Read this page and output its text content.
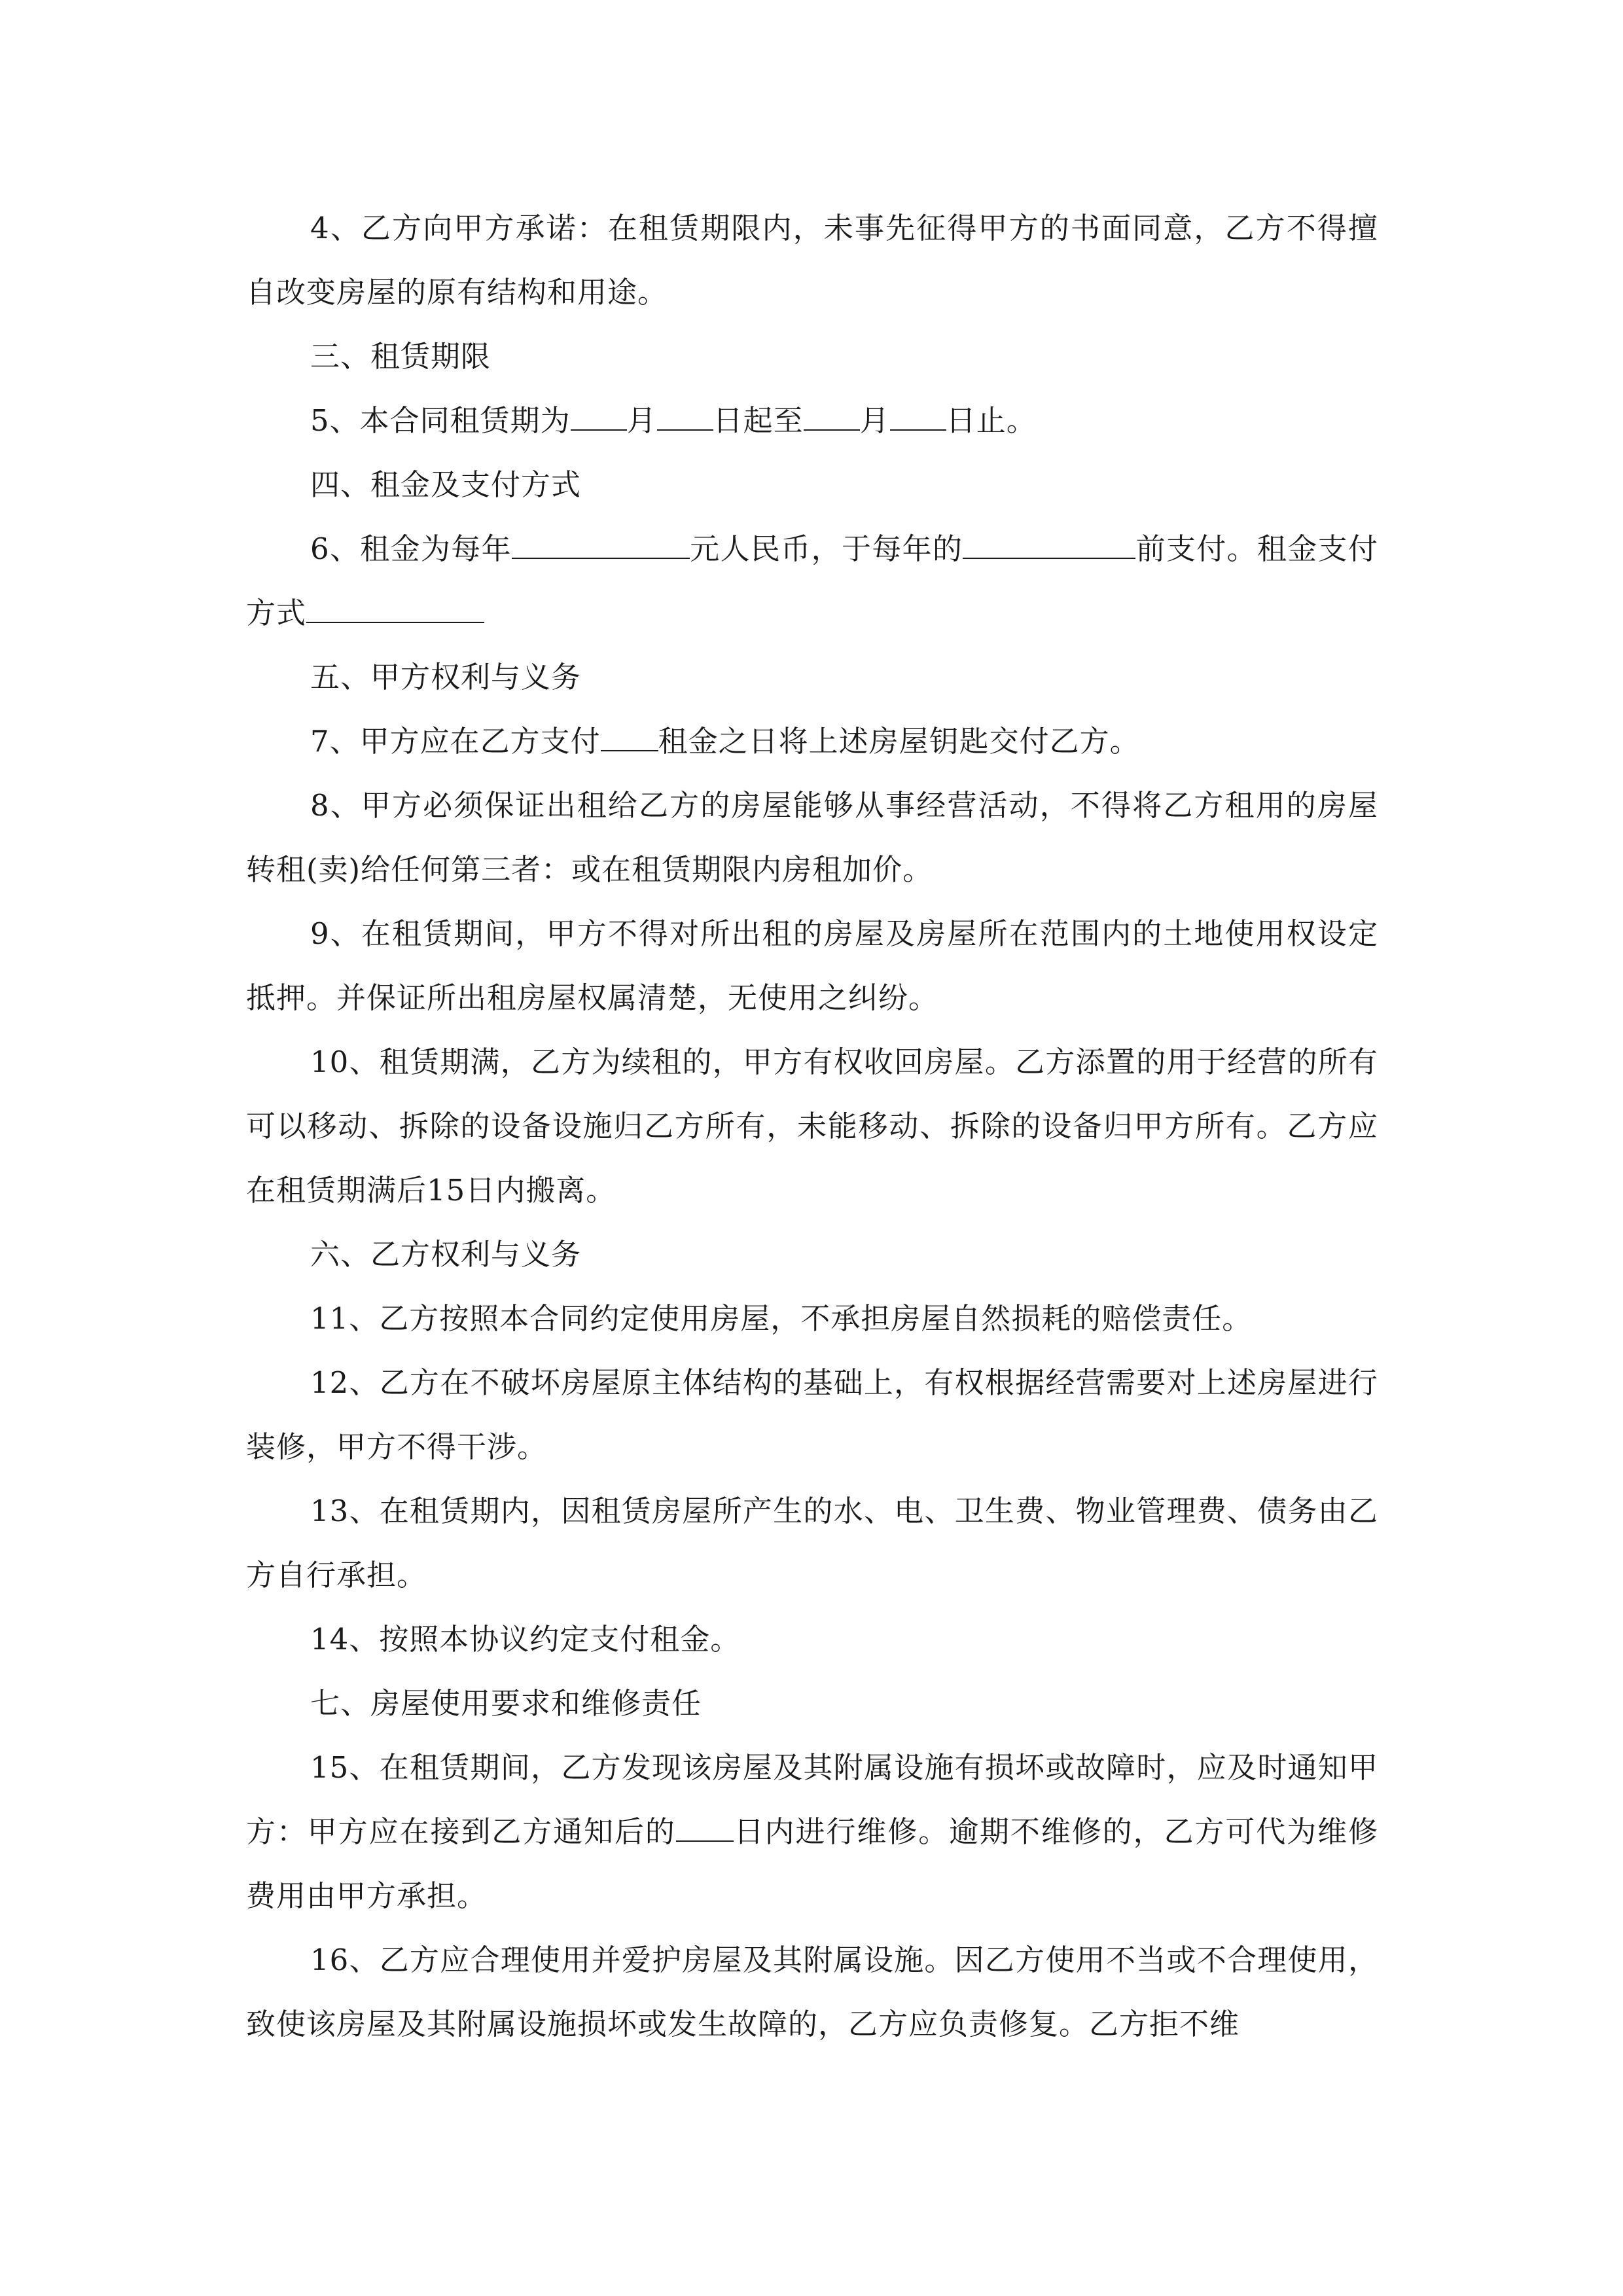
4、乙方向甲方承诺：在租赁期限内，未事先征得甲方的书面同意，乙方不得擅自改变房屋的原有结构和用途。

三、租赁期限

5、本合同租赁期为 月 日起至 月 日止。

四、租金及支付方式

6、租金为每年	元人民币，于每年的	前支付。租金支付方式

五、甲方权利与义务

7、甲方应在乙方支付 租金之日将上述房屋钥匙交付乙方。

8、甲方必须保证出租给乙方的房屋能够从事经营活动，不得将乙方租用的房屋转租(卖)给任何第三者：或在租赁期限内房租加价。

9、在租赁期间，甲方不得对所出租的房屋及房屋所在范围内的土地使用权设定抵押。并保证所出租房屋权属清楚，无使用之纠纷。

10、租赁期满，乙方为续租的，甲方有权收回房屋。乙方添置的用于经营的所有可以移动、拆除的设备设施归乙方所有，未能移动、拆除的设备归甲方所有。乙方应在租赁期满后15日内搬离。

六、乙方权利与义务

11、乙方按照本合同约定使用房屋，不承担房屋自然损耗的赔偿责任。

12、乙方在不破坏房屋原主体结构的基础上，有权根据经营需要对上述房屋进行装修，甲方不得干涉。

13、在租赁期内，因租赁房屋所产生的水、电、卫生费、物业管理费、债务由乙方自行承担。

14、按照本协议约定支付租金。

七、房屋使用要求和维修责任

15、在租赁期间，乙方发现该房屋及其附属设施有损坏或故障时，应及时通知甲方：甲方应在接到乙方通知后的 日内进行维修。逾期不维修的，乙方可代为维修费用由甲方承担。

16、乙方应合理使用并爱护房屋及其附属设施。因乙方使用不当或不合理使用，致使该房屋及其附属设施损坏或发生故障的，乙方应负责修复。乙方拒不维
